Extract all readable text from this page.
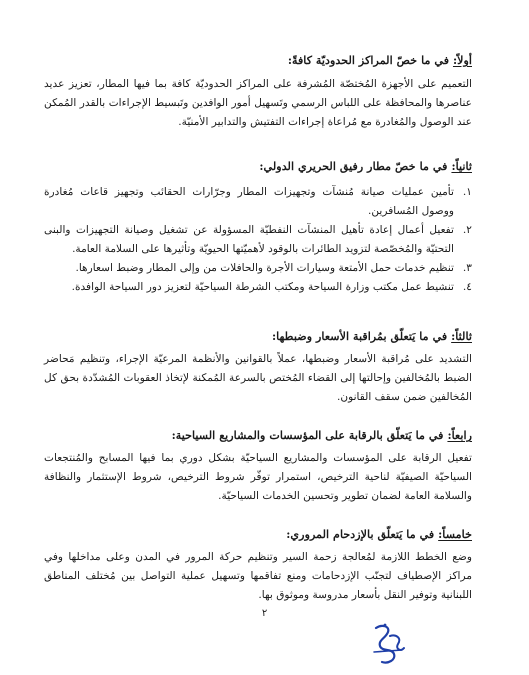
أولاً: في ما خصّ المراكز الحدوديّة كافةً:

التعميم على الأجهزة المُختصّة المُشرفة على المراكز الحدوديّة كافة بما فيها المطار، تعزيز عديد عناصرها والمحافظة على اللباس الرسمي وتَسهيل أمور الوافدين وتَبسيط الإجراءات بالقدر المُمكن عند الوصول والمُغادرة مع مُراعاة إجراءات التفتيش والتدابير الأمنيّة.

ثانياً: في ما خصّ مطار رفيق الحريري الدولي:

١.
تأمين عمليات صيانة مُنشآت وتجهيزات المطار وجرّارات الحقائب وتجهيز قاعات مُغادرة ووصول المُسافرين.
٢.
تفعيل أعمال إعادة تأهيل المنشآت النفطيّة المسؤولة عن تشغيل وصيانة التجهيزات والبنى التحتيّة والمُخصّصة لتزويد الطائرات بالوقود لأهميّتها الحيويّة وتأثيرها على السلامة العامة.
٣.
تنظيم خدمات حمل الأمتعة وسيارات الأجرة والحافلات من وإلى المطار وضبط اسعارها.
٤.
تنشيط عمل مكتب وزارة السياحة ومكتب الشرطة السياحيّة لتعزيز دور السياحة الوافدة.

ثالثاً: في ما يَتعلّق بمُراقبة الأسعار وضبطها:

التشديد على مُراقبة الأسعار وضبطها، عملاً بالقوانين والأنظمة المرعيّة الإجراء، وتنظيم مَحاضر الضبط بالمُخالفين وإحالتها إلى القضاء المُختص بالسرعة المُمكنة لإتخاذ العقوبات المُشدّدة بحق كل المُخالفين ضمن سقف القانون.

رابعاً: في ما يَتعلّق بالرقابة على المؤسسات والمشاريع السياحية:

تفعيل الرقابة على المؤسسات والمشاريع السياحيّة بشكل دوري بما فيها المسابح والمُنتجعات السياحيّة الصيفيّة لناحية الترخيص، استمرار توفّر شروط الترخيص، شروط الإستثمار والنظافة والسلامة العامة لضمان تطوير وتحسين الخدمات السياحيّة.

خامساً: في ما يَتعلّق بالإزدحام المروري:

وضع الخطط اللازمة لمُعالجة زحمة السير وتنظيم حركة المرور في المدن وعلى مداخلها وفي مراكز الإصطياف لتجنّب الإزدحامات ومنع تفاقمها وتسهيل عملية التواصل بين مُختلف المناطق اللبنانية وتوفير النقل بأسعار مدروسة وموثوق بها.

٢
